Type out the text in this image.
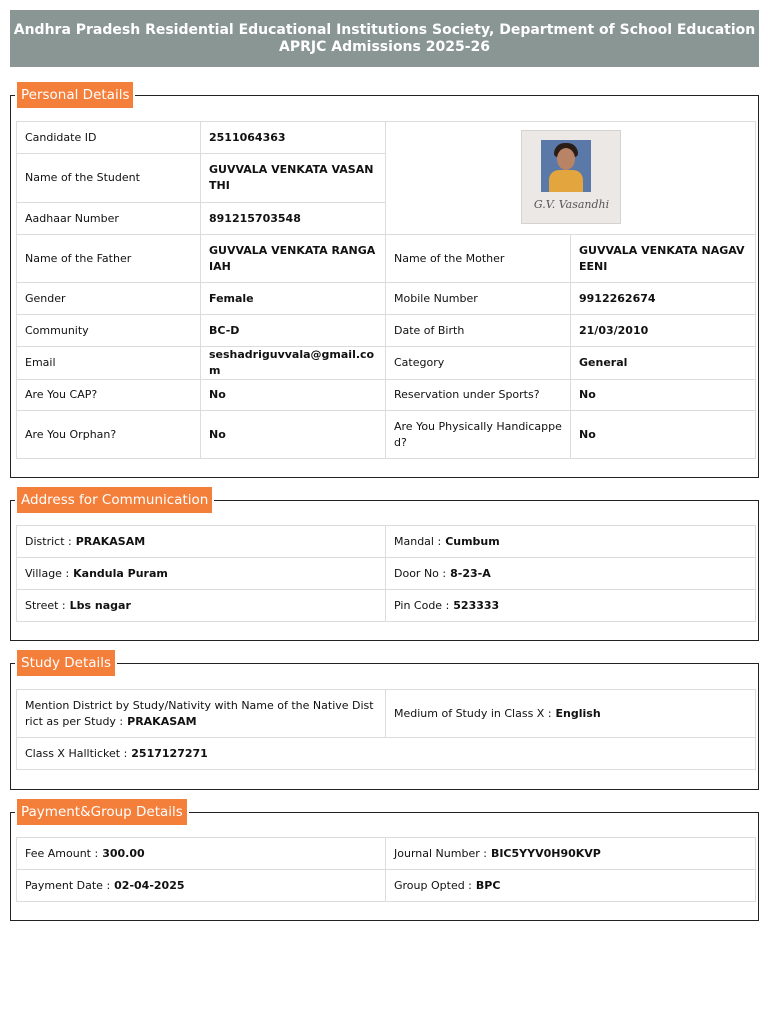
Andhra Pradesh Residential Educational Institutions Society, Department of School Education
APRJC Admissions 2025-26
Personal Details
Candidate ID	2511064363	G.V. Vasandhi	

Name of the Student	GUVVALA VENKATA VASANTHI		
Aadhaar Number	891215703548		
Name of the Father	GUVVALA VENKATA RANGAIAH	Name of the Mother	GUVVALA VENKATA NAGAVEENI
Gender	Female	Mobile Number	9912262674
Community	BC-D	Date of Birth	21/03/2010
Email	seshadriguvvala@gmail.com	Category	General
Are You CAP?	No	Reservation under Sports?	No
Are You Orphan?	No	Are You Physically Handicapped?	No
Address for Communication
District : PRAKASAM	Mandal : Cumbum
Village : Kandula Puram	Door No : 8-23-A
Street : Lbs nagar	Pin Code : 523333
Study Details
Mention District by Study/Nativity with Name of the Native District as per Study : PRAKASAM	Medium of Study in Class X : English
Class X Hallticket : 2517127271
Payment&Group Details
Fee Amount : 300.00	Journal Number : BIC5YYV0H90KVP
Payment Date : 02-04-2025	Group Opted : BPC
